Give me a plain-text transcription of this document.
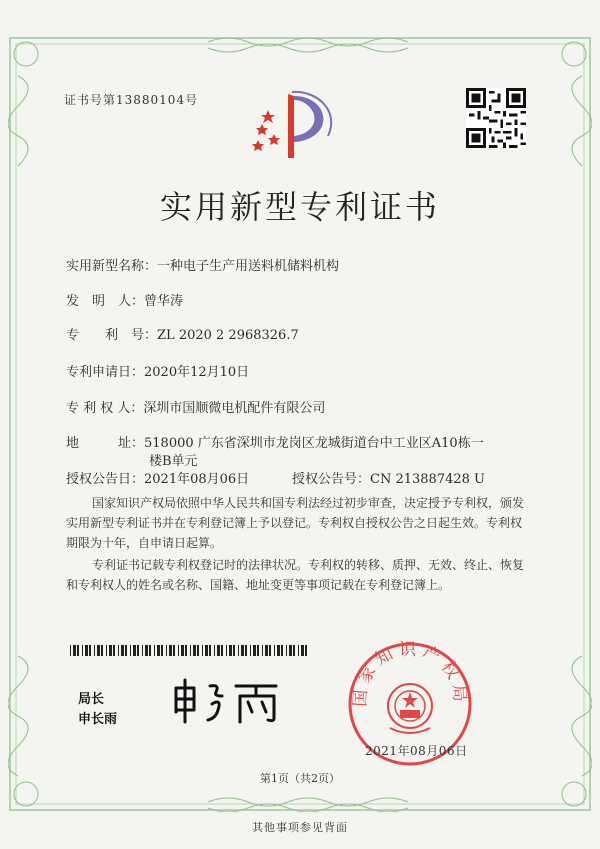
证书号第13880104号
实用新型专利证书
实用新型名称：一种电子生产用送料机储料机构
发　明　人：曾华涛
专　　利　号：ZL 2020 2 2968326.7
专利申请日：2020年12月10日
专 利 权 人：深圳市国顺微电机配件有限公司
地　　　址：518000 广东省深圳市龙岗区龙城街道台中工业区A10栋一
楼B单元
授权公告日：2021年08月06日	授权公告号：CN 213887428 U
国家知识产权局依照中华人民共和国专利法经过初步审查，决定授予专利权，颁发实用新型专利证书并在专利登记簿上予以登记。专利权自授权公告之日起生效。专利权期限为十年，自申请日起算。
专利证书记载专利权登记时的法律状况。专利权的转移、质押、无效、终止、恢复和专利权人的姓名或名称、国籍、地址变更等事项记载在专利登记簿上。
局长
申长雨
国家知识产权局
2021年08月06日
第1页（共2页）
其他事项参见背面
